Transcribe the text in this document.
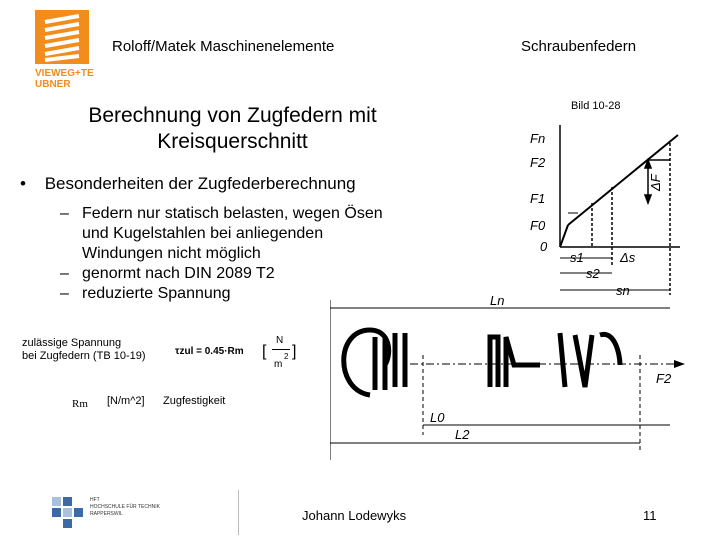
VIEWEG+TEUBNER
Roloff/Matek Maschinenelemente	Schraubenfedern
Berechnung von Zugfedern mit
Kreisquerschnitt
Bild 10-28
• Besonderheiten der Zugfederberechnung
– Federn nur statisch belasten, wegen Ösen
und Kugelstahlen bei anliegenden
Windungen nicht möglich
– genormt nach DIN 2089 T2
– reduzierte Spannung
zulässige Spannung
bei Zugfedern (TB 10-19)	τzul = 0.45·Rm [
N
m
2 ]
Rm [N/m^2] Zugfestigkeit
Fn
F2
F1
F0
0
ΔF
s1	Δs
s2
sn
Ln
L0
L2
F2
HFT
HOCHSCHULE FÜR TECHNIK
RAPPERSWIL	Johann Lodewyks	11
